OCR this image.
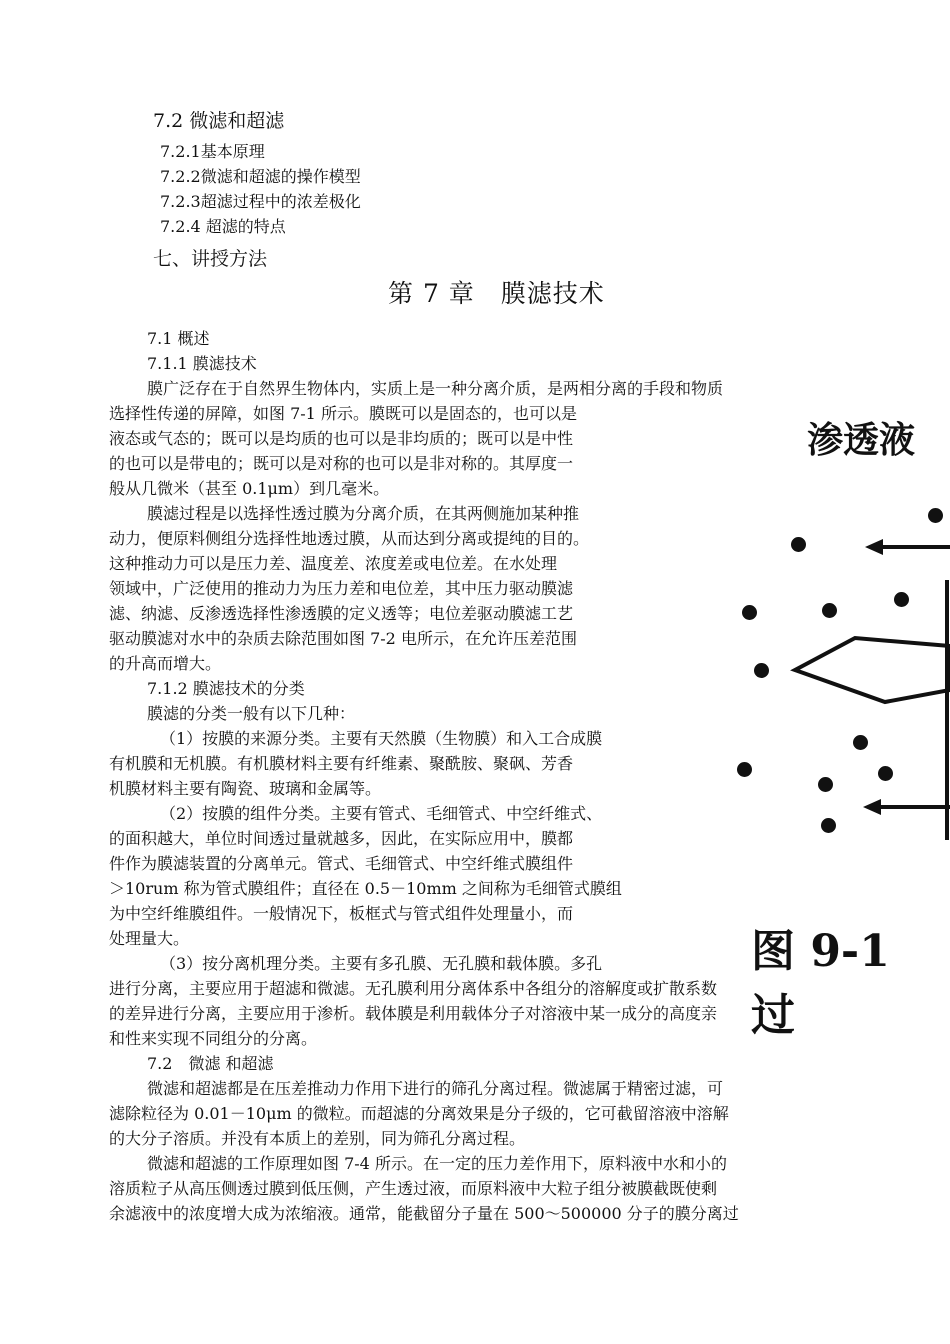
7.2 微滤和超滤
7.2.1基本原理
7.2.2微滤和超滤的操作模型
7.2.3超滤过程中的浓差极化
7.2.4 超滤的特点
七、讲授方法
第 7 章　膜滤技术
渗透液
图 9-1　过
7.1 概述
7.1.1 膜滤技术
膜广泛存在于自然界生物体内，实质上是一种分离介质，是两相分离的手段和物质
选择性传递的屏障，如图 7-1 所示。膜既可以是固态的，也可以是
液态或气态的；既可以是均质的也可以是非均质的；既可以是中性
的也可以是带电的；既可以是对称的也可以是非对称的。其厚度一
般从几微米（甚至 0.1μm）到几毫米。
膜滤过程是以选择性透过膜为分离介质，在其两侧施加某种推
动力，便原料侧组分选择性地透过膜，从而达到分离或提纯的目的。
这种推动力可以是压力差、温度差、浓度差或电位差。在水处理
领域中，广泛使用的推动力为压力差和电位差，其中压力驱动膜滤
滤、纳滤、反渗透选择性渗透膜的定义透等；电位差驱动膜滤工艺
驱动膜滤对水中的杂质去除范围如图 7-2 电所示，在允许压差范围
的升高而增大。
7.1.2 膜滤技术的分类
膜滤的分类一般有以下几种：
（1）按膜的来源分类。主要有天然膜（生物膜）和入工合成膜
有机膜和无机膜。有机膜材料主要有纤维素、聚酰胺、聚砜、芳香
机膜材料主要有陶瓷、玻璃和金属等。
（2）按膜的组件分类。主要有管式、毛细管式、中空纤维式、
的面积越大，单位时间透过量就越多，因此，在实际应用中，膜都
件作为膜滤装置的分离单元。管式、毛细管式、中空纤维式膜组件
＞10rum 称为管式膜组件；直径在 0.5－10mm 之间称为毛细管式膜组
为中空纤维膜组件。一般情况下，板框式与管式组件处理量小，而
处理量大。
（3）按分离机理分类。主要有多孔膜、无孔膜和载体膜。多孔
进行分离，主要应用于超滤和微滤。无孔膜利用分离体系中各组分的溶解度或扩散系数
的差异进行分离，主要应用于渗析。载体膜是利用载体分子对溶液中某一成分的高度亲
和性来实现不同组分的分离。
7.2　微滤 和超滤
微滤和超滤都是在压差推动力作用下进行的筛孔分离过程。微滤属于精密过滤，可
滤除粒径为 0.01－10μm 的微粒。而超滤的分离效果是分子级的，它可截留溶液中溶解
的大分子溶质。并没有本质上的差别，同为筛孔分离过程。
微滤和超滤的工作原理如图 7-4 所示。在一定的压力差作用下，原料液中水和小的
溶质粒子从高压侧透过膜到低压侧，产生透过液，而原料液中大粒子组分被膜截既使剩
余滤液中的浓度增大成为浓缩液。通常，能截留分子量在 500～500000 分子的膜分离过
